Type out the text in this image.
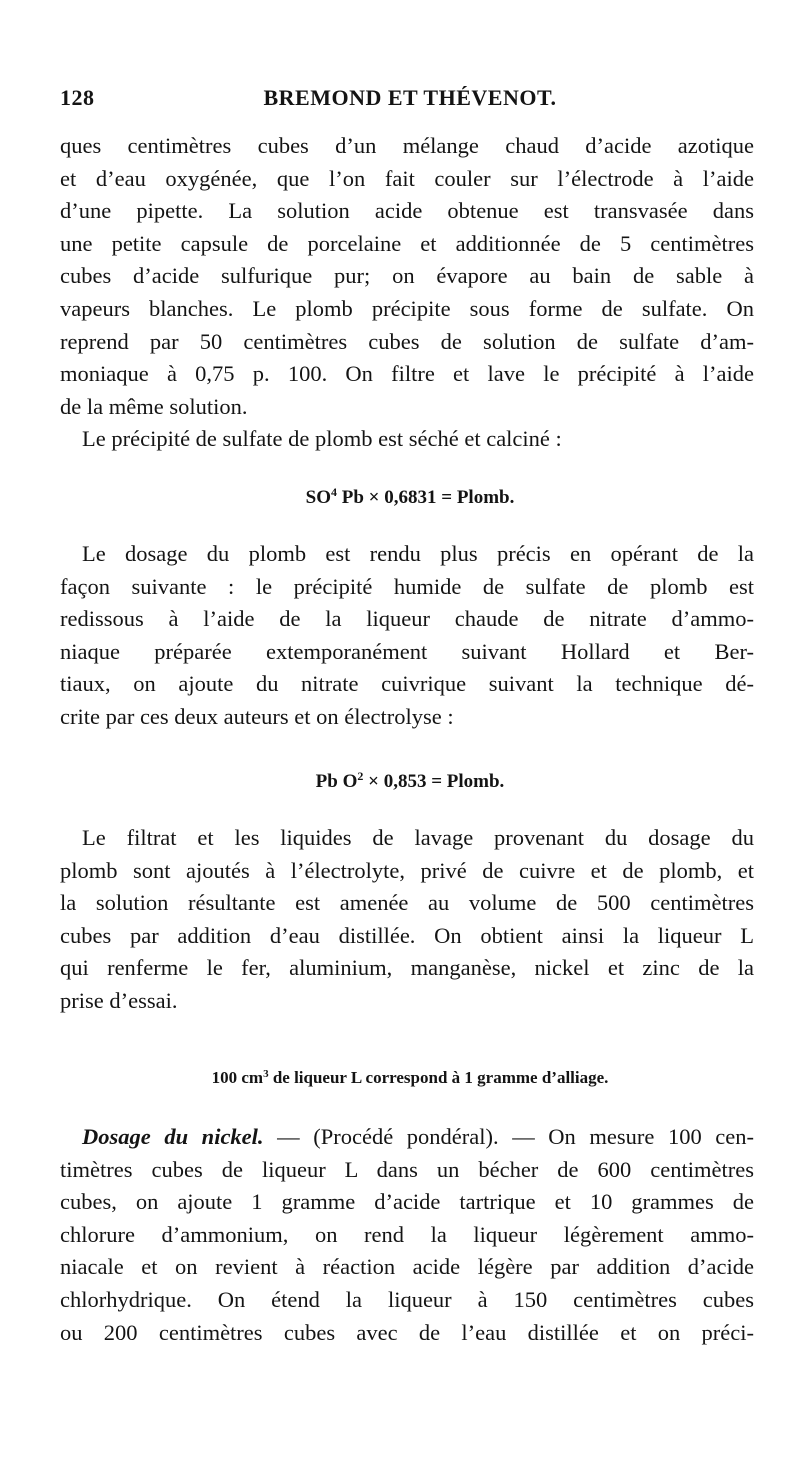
128	BREMOND ET THÉVENOT.
ques centimètres cubes d’un mélange chaud d’acide azotique
et d’eau oxygénée, que l’on fait couler sur l’électrode à l’aide
d’une pipette. La solution acide obtenue est transvasée dans
une petite capsule de porcelaine et additionnée de 5 centimètres
cubes d’acide sulfurique pur; on évapore au bain de sable à
vapeurs blanches. Le plomb précipite sous forme de sulfate. On
reprend par 50 centimètres cubes de solution de sulfate d’am-
moniaque à 0,75 p. 100. On filtre et lave le précipité à l’aide
de la même solution.
Le précipité de sulfate de plomb est séché et calciné :
$SO^4$ Pb × 0,6831 = Plomb.
Le dosage du plomb est rendu plus précis en opérant de la
façon suivante : le précipité humide de sulfate de plomb est
redissous à l’aide de la liqueur chaude de nitrate d’ammo-
niaque préparée extemporanément suivant Hollard et Ber-
tiaux, on ajoute du nitrate cuivrique suivant la technique dé-
crite par ces deux auteurs et on électrolyse :
Pb $O^2 \times 0,853$ = Plomb.
Le filtrat et les liquides de lavage provenant du dosage du
plomb sont ajoutés à l’électrolyte, privé de cuivre et de plomb, et
la solution résultante est amenée au volume de 500 centimètres
cubes par addition d’eau distillée. On obtient ainsi la liqueur L
qui renferme le fer, aluminium, manganèse, nickel et zinc de la
prise d’essai.
100 $cm^3$ de liqueur L correspond à 1 gramme d’alliage.
Dosage du nickel. — (Procédé pondéral). — On mesure 100 cen-
timètres cubes de liqueur L dans un bécher de 600 centimètres
cubes, on ajoute 1 gramme d’acide tartrique et 10 grammes de
chlorure d’ammonium, on rend la liqueur légèrement ammo-
niacale et on revient à réaction acide légère par addition d’acide
chlorhydrique. On étend la liqueur à 150 centimètres cubes
ou 200 centimètres cubes avec de l’eau distillée et on préci-
